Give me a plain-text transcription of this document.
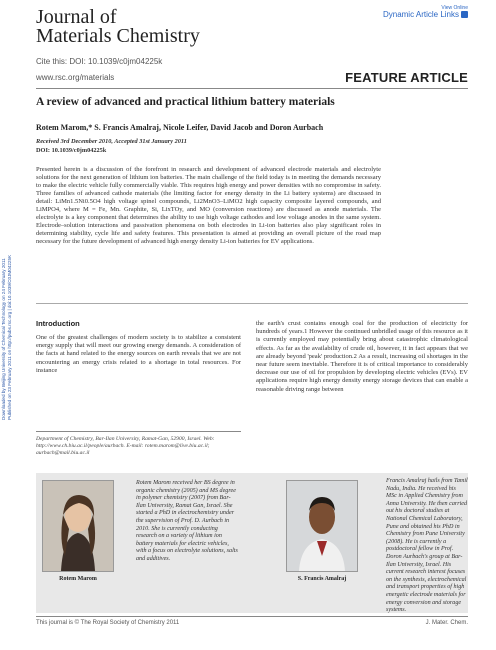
Downloaded by Beijing University of Chemical Technology on 24 February 2011 Published on 23 February 2011 on http://pubs.rsc.org | doi:10.1039/C0JM04225K
Journal of
Materials Chemistry
View Online
Dynamic Article Links
Cite this: DOI: 10.1039/c0jm04225k
www.rsc.org/materials	FEATURE ARTICLE
A review of advanced and practical lithium battery materials
Rotem Marom,* S. Francis Amalraj, Nicole Leifer, David Jacob and Doron Aurbach
Received 3rd December 2010, Accepted 31st January 2011
DOI: 10.1039/c0jm04225k
Presented herein is a discussion of the forefront in research and development of advanced electrode materials and electrolyte solutions for the next generation of lithium ion batteries. The main challenge of the field today is in meeting the demands necessary to make the electric vehicle fully commercially viable. This requires high energy and power densities with no compromise in safety. Three families of advanced cathode materials (the limiting factor for energy density in the Li battery systems) are discussed in detail: LiMn1.5Ni0.5O4 high voltage spinel compounds, Li2MnO3–LiMO2 high capacity composite layered compounds, and LiMPO4, where M = Fe, Mn. Graphite, Si, LixTOy, and MO (conversion reactions) are discussed as anode materials. The electrolyte is a key component that determines the ability to use high voltage cathodes and low voltage anodes in the same system. Electrode–solution interactions and passivation phenomena on both electrodes in Li-ion batteries also play significant roles in determining stability, cycle life and safety features. This presentation is aimed at providing an overall picture of the road map necessary for the future development of advanced high energy density Li-ion batteries for EV applications.
Introduction
One of the greatest challenges of modern society is to stabilize a consistent energy supply that will meet our growing energy demands. A consideration of the facts at hand related to the energy sources on earth reveals that we are not encountering an energy crisis related to a shortage in total resources. For instance
the earth's crust contains enough coal for the production of electricity for hundreds of years.1 However the continued unbridled usage of this resource as it is currently employed may potentially bring about catastrophic climatological effects. As far as the availability of crude oil, however, it in fact appears that we are already beyond 'peak' production.2 As a result, increasing oil shortages in the near future seem inevitable. Therefore it is of critical importance to considerably decrease our use of oil for propulsion by developing electric vehicles (EVs). EV applications require high energy density energy storage devices that can enable a reasonable driving range between
Department of Chemistry, Bar-Ilan University, Ramat-Gan, 52900, Israel. Web: http://www.ch.biu.ac.il/people/aurbach. E-mail: rotem.marom@live.biu.ac.il; aurbach@mail.biu.ac.il
Rotem Marom
Rotem Marom received her BS degree in organic chemistry (2005) and MS degree in polymer chemistry (2007) from Bar-Ilan University, Ramat Gan, Israel. She started a PhD in electrochemistry under the supervision of Prof. D. Aurbach in 2010. She is currently conducting research on a variety of lithium ion battery materials for electric vehicles, with a focus on electrolyte solutions, salts and additives.
S. Francis Amalraj
Francis Amalraj hails from Tamil Nadu, India. He received his MSc in Applied Chemistry from Anna University. He then carried out his doctoral studies at National Chemical Laboratory, Pune and obtained his PhD in Chemistry from Pune University (2008). He is currently a postdoctoral fellow in Prof. Doron Aurbach's group at Bar-Ilan University, Israel. His current research interest focuses on the synthesis, electrochemical and transport properties of high energetic electrode materials for energy conversion and storage systems.
This journal is © The Royal Society of Chemistry 2011	J. Mater. Chem.
